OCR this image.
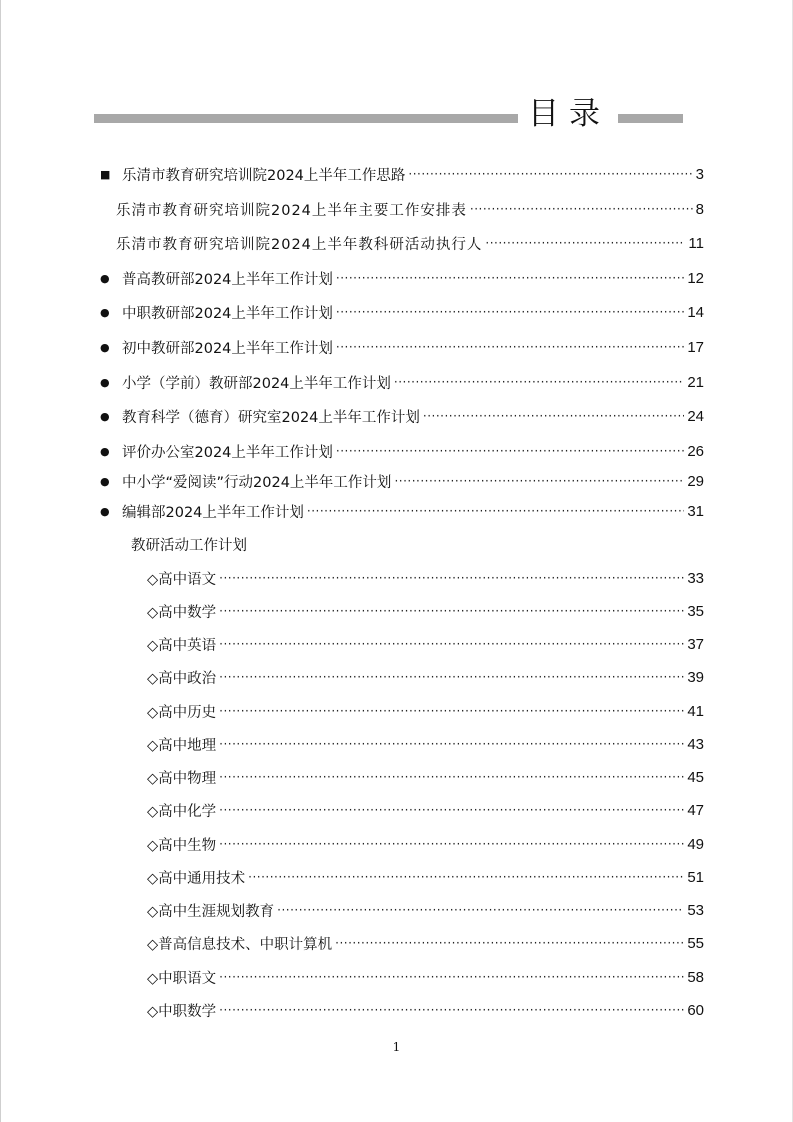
目录
■ 乐清市教育研究培训院2024上半年工作思路 ·····	3
乐清市教育研究培训院2024上半年主要工作安排表 ·····	8
乐清市教育研究培训院2024上半年教科研活动执行人 ·····	11
● 普高教研部2024上半年工作计划 ·····	12
● 中职教研部2024上半年工作计划 ·····	14
● 初中教研部2024上半年工作计划 ·····	17
● 小学（学前）教研部2024上半年工作计划 ·····	21
● 教育科学（德育）研究室2024上半年工作计划 ·····	24
● 评价办公室2024上半年工作计划 ·····	26
● 中小学“爱阅读”行动2024上半年工作计划 ·····	29
● 编辑部2024上半年工作计划 ·····	31
教研活动工作计划
◇高中语文 ·····	33
◇高中数学 ·····	35
◇高中英语 ·····	37
◇高中政治 ·····	39
◇高中历史 ·····	41
◇高中地理 ·····	43
◇高中物理 ·····	45
◇高中化学 ·····	47
◇高中生物 ·····	49
◇高中通用技术 ·····	51
◇高中生涯规划教育 ·····	53
◇普高信息技术、中职计算机 ·····	55
◇中职语文 ·····	58
◇中职数学 ·····	60
1
